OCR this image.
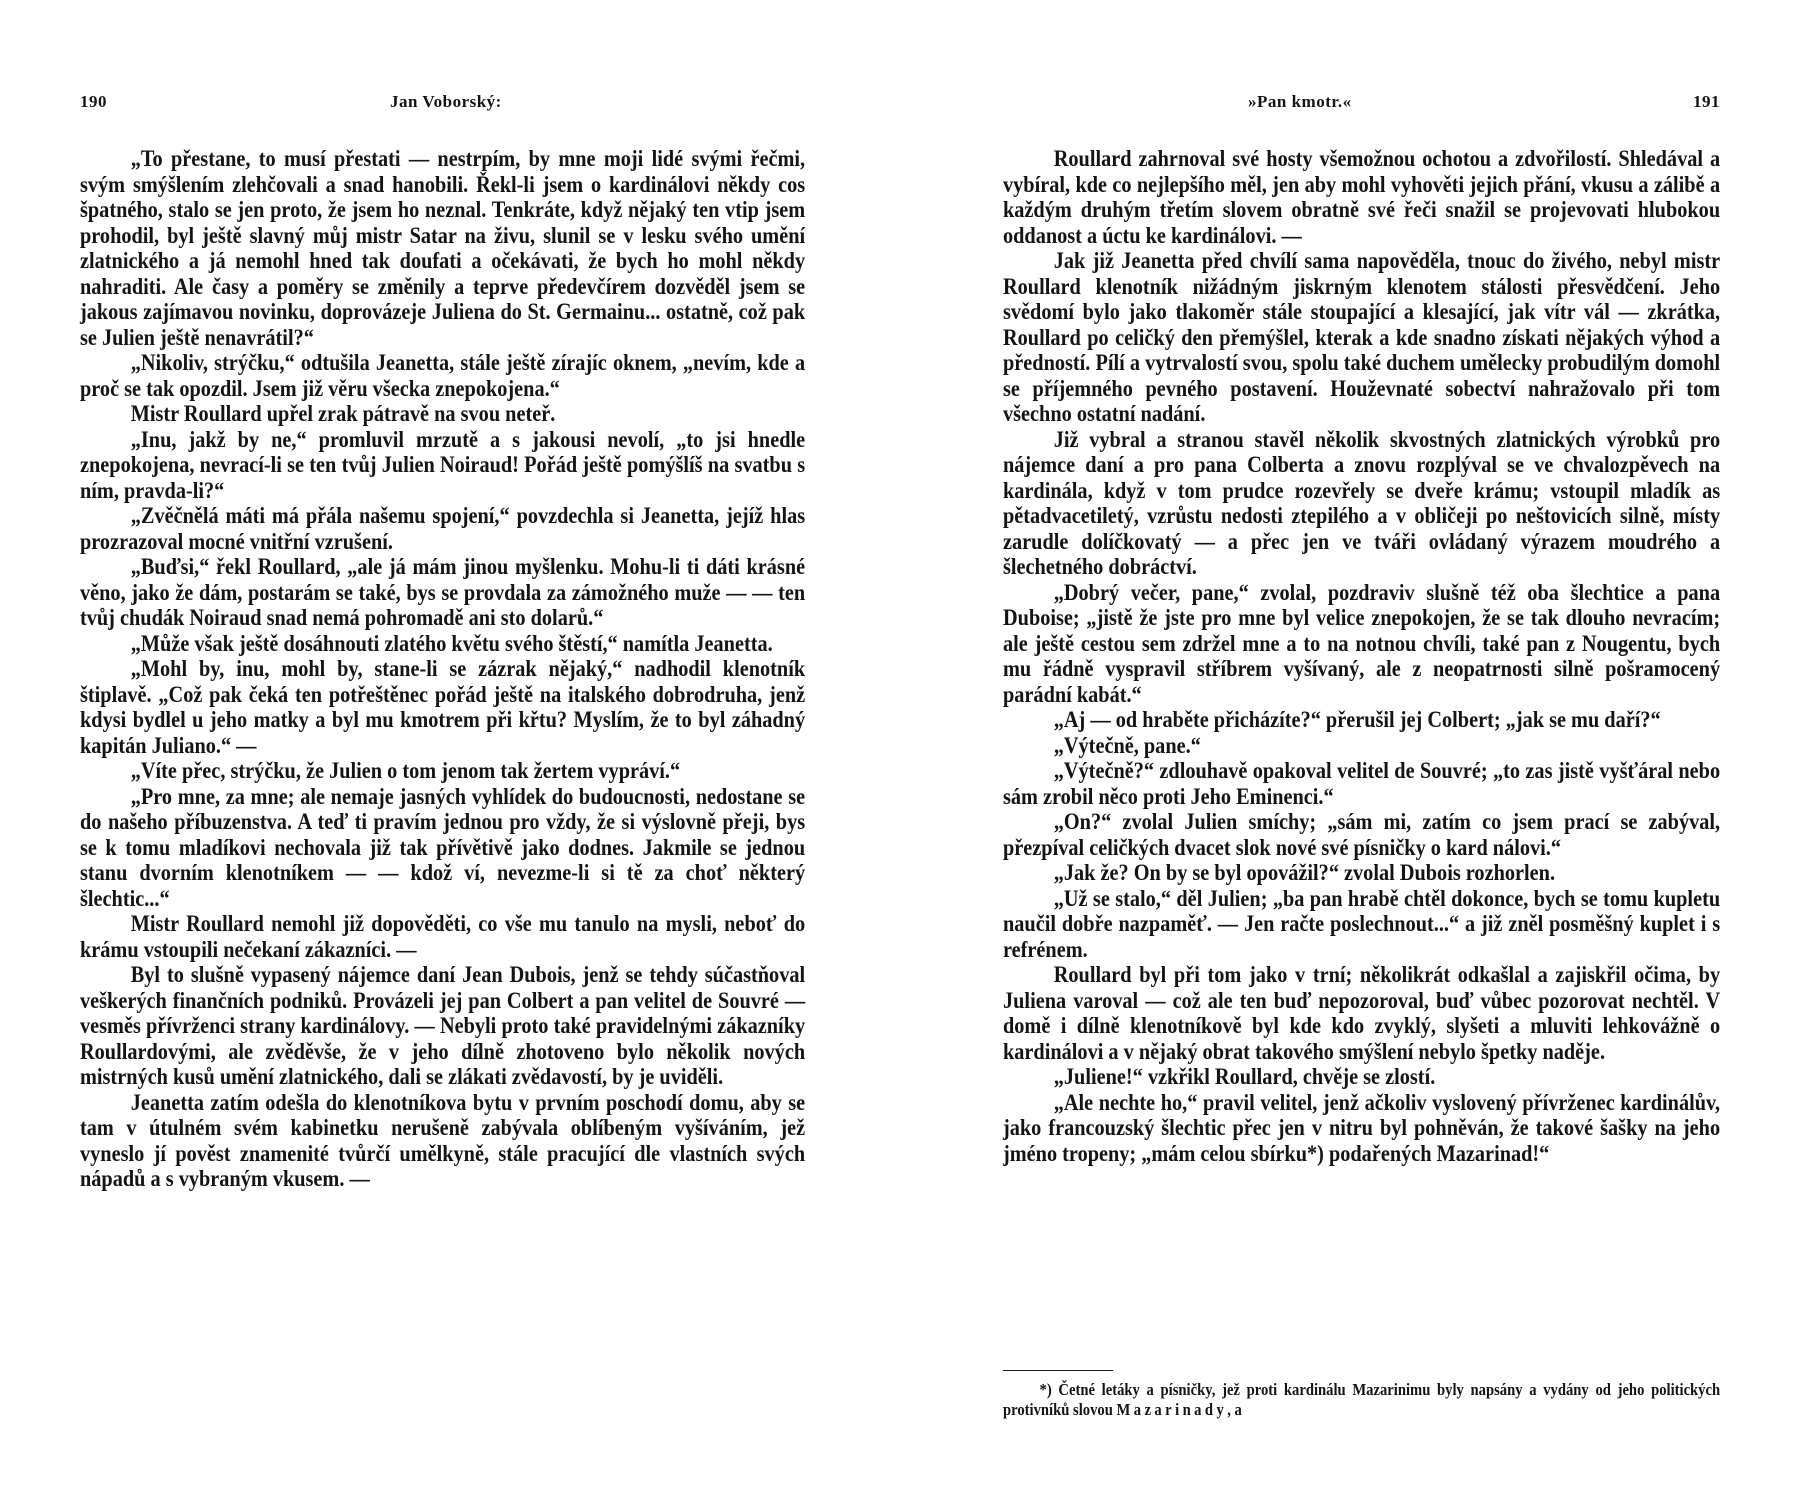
190	Jan Voborský:

„To přestane, to musí přestati — nestrpím, by mne moji lidé svými řečmi, svým smýšlením zlehčovali a snad hanobili. Řekl-li jsem o kardinálovi někdy cos špatného, stalo se jen proto, že jsem ho neznal. Tenkráte, když nějaký ten vtip jsem prohodil, byl ještě slavný můj mistr Satar na živu, slunil se v lesku svého umění zlatnického a já nemohl hned tak doufati a očekávati, že bych ho mohl někdy nahraditi. Ale časy a poměry se změnily a teprve předevčírem dozvěděl jsem se jakous zajímavou novinku, doprovázeje Juliena do St. Germainu... ostatně, což pak se Julien ještě nenavrátil?“

„Nikoliv, strýčku,“ odtušila Jeanetta, stále ještě zírajíc oknem, „nevím, kde a proč se tak opozdil. Jsem již věru všecka znepokojena.“

Mistr Roullard upřel zrak pátravě na svou neteř.

„Inu, jakž by ne,“ promluvil mrzutě a s jakousi nevolí, „to jsi hnedle znepokojena, nevrací-li se ten tvůj Julien Noiraud! Pořád ještě pomýšlíš na svatbu s ním, pravda-li?“

„Zvěčnělá máti má přála našemu spojení,“ povzdechla si Jeanetta, jejíž hlas prozrazoval mocné vnitřní vzrušení.

„Buďsi,“ řekl Roullard, „ale já mám jinou myšlenku. Mohu-li ti dáti krásné věno, jako že dám, postarám se také, bys se provdala za zámožného muže — — ten tvůj chudák Noiraud snad nemá pohromadě ani sto dolarů.“

„Může však ještě dosáhnouti zlatého květu svého štěstí,“ namítla Jeanetta.

„Mohl by, inu, mohl by, stane-li se zázrak nějaký,“ nadhodil klenotník štiplavě. „Což pak čeká ten potřeštěnec pořád ještě na italského dobrodruha, jenž kdysi bydlel u jeho matky a byl mu kmotrem při křtu? Myslím, že to byl záhadný kapitán Juliano.“ —

„Víte přec, strýčku, že Julien o tom jenom tak žertem vypráví.“

„Pro mne, za mne; ale nemaje jasných vyhlídek do budoucnosti, nedostane se do našeho příbuzenstva. A teď ti pravím jednou pro vždy, že si výslovně přeji, bys se k tomu mladíkovi nechovala již tak přívětivě jako dodnes. Jakmile se jednou stanu dvorním klenotníkem — — kdož ví, nevezme-li si tě za choť některý šlechtic...“

Mistr Roullard nemohl již dopověděti, co vše mu tanulo na mysli, neboť do krámu vstoupili nečekaní zákazníci. —

Byl to slušně vypasený nájemce daní Jean Dubois, jenž se tehdy súčastňoval veškerých finančních podniků. Provázeli jej pan Colbert a pan velitel de Souvré — vesměs přívrženci strany kardinálovy. — Nebyli proto také pravidelnými zákazníky Roullardovými, ale zvěděvše, že v jeho dílně zhotoveno bylo několik nových mistrných kusů umění zlatnického, dali se zlákati zvědavostí, by je uviděli.

Jeanetta zatím odešla do klenotníkova bytu v prvním poschodí domu, aby se tam v útulném svém kabinetku nerušeně zabývala oblíbeným vyšíváním, jež vyneslo jí pověst znamenité tvůrčí umělkyně, stále pracující dle vlastních svých nápadů a s vybraným vkusem. —

»Pan kmotr.«	191

Roullard zahrnoval své hosty všemožnou ochotou a zdvořilostí. Shledával a vybíral, kde co nejlepšího měl, jen aby mohl vyhověti jejich přání, vkusu a zálibě a každým druhým třetím slovem obratně své řeči snažil se projevovati hlubokou oddanost a úctu ke kardinálovi. —

Jak již Jeanetta před chvílí sama napověděla, tnouc do živého, nebyl mistr Roullard klenotník nižádným jiskrným klenotem stálosti přesvědčení. Jeho svědomí bylo jako tlakoměr stále stoupající a klesající, jak vítr vál — zkrátka, Roullard po celičký den přemýšlel, kterak a kde snadno získati nějakých výhod a předností. Pílí a vytrvalostí svou, spolu také duchem umělecky probudilým domohl se příjemného pevného postavení. Houževnaté sobectví nahražovalo při tom všechno ostatní nadání.

Již vybral a stranou stavěl několik skvostných zlatnických výrobků pro nájemce daní a pro pana Colberta a znovu rozplýval se ve chvalozpěvech na kardinála, když v tom prudce rozevřely se dveře krámu; vstoupil mladík as pětadvacetiletý, vzrůstu nedosti ztepilého a v obličeji po neštovicích silně, místy zarudle dolíčkovatý — a přec jen ve tváři ovládaný výrazem moudrého a šlechetného dobráctví.

„Dobrý večer, pane,“ zvolal, pozdraviv slušně též oba šlechtice a pana Duboise; „jistě že jste pro mne byl velice znepokojen, že se tak dlouho nevracím; ale ještě cestou sem zdržel mne a to na notnou chvíli, také pan z Nougentu, bych mu řádně vyspravil stříbrem vyšívaný, ale z neopatrnosti silně pošramocený parádní kabát.“

„Aj — od hraběte přicházíte?“ přerušil jej Colbert; „jak se mu daří?“

„Výtečně, pane.“

„Výtečně?“ zdlouhavě opakoval velitel de Souvré; „to zas jistě vyšťáral nebo sám zrobil něco proti Jeho Eminenci.“

„On?“ zvolal Julien smíchy; „sám mi, zatím co jsem prací se zabýval, přezpíval celičkých dvacet slok nové své písničky o kard nálovi.“

„Jak že? On by se byl opovážil?“ zvolal Dubois rozhorlen.

„Už se stalo,“ děl Julien; „ba pan hrabě chtěl dokonce, bych se tomu kupletu naučil dobře nazpaměť. — Jen račte poslechnout...“ a již zněl posměšný kuplet i s refrénem.

Roullard byl při tom jako v trní; několikrát odkašlal a zajiskřil očima, by Juliena varoval — což ale ten buď nepozoroval, buď vůbec pozorovat nechtěl. V domě i dílně klenotníkově byl kde kdo zvyklý, slyšeti a mluviti lehkovážně o kardinálovi a v nějaký obrat takového smýšlení nebylo špetky naděje.

„Juliene!“ vzkřikl Roullard, chvěje se zlostí.

„Ale nechte ho,“ pravil velitel, jenž ačkoliv vyslovený přívrženec kardinálův, jako francouzský šlechtic přec jen v nitru byl pohněván, že takové šašky na jeho jméno tropeny; „mám celou sbírku*) podařených Mazarinad!“

*) Četné letáky a písničky, jež proti kardinálu Mazarinimu byly napsány a vydány od jeho politických protivníků slovou Mazarinady, a
